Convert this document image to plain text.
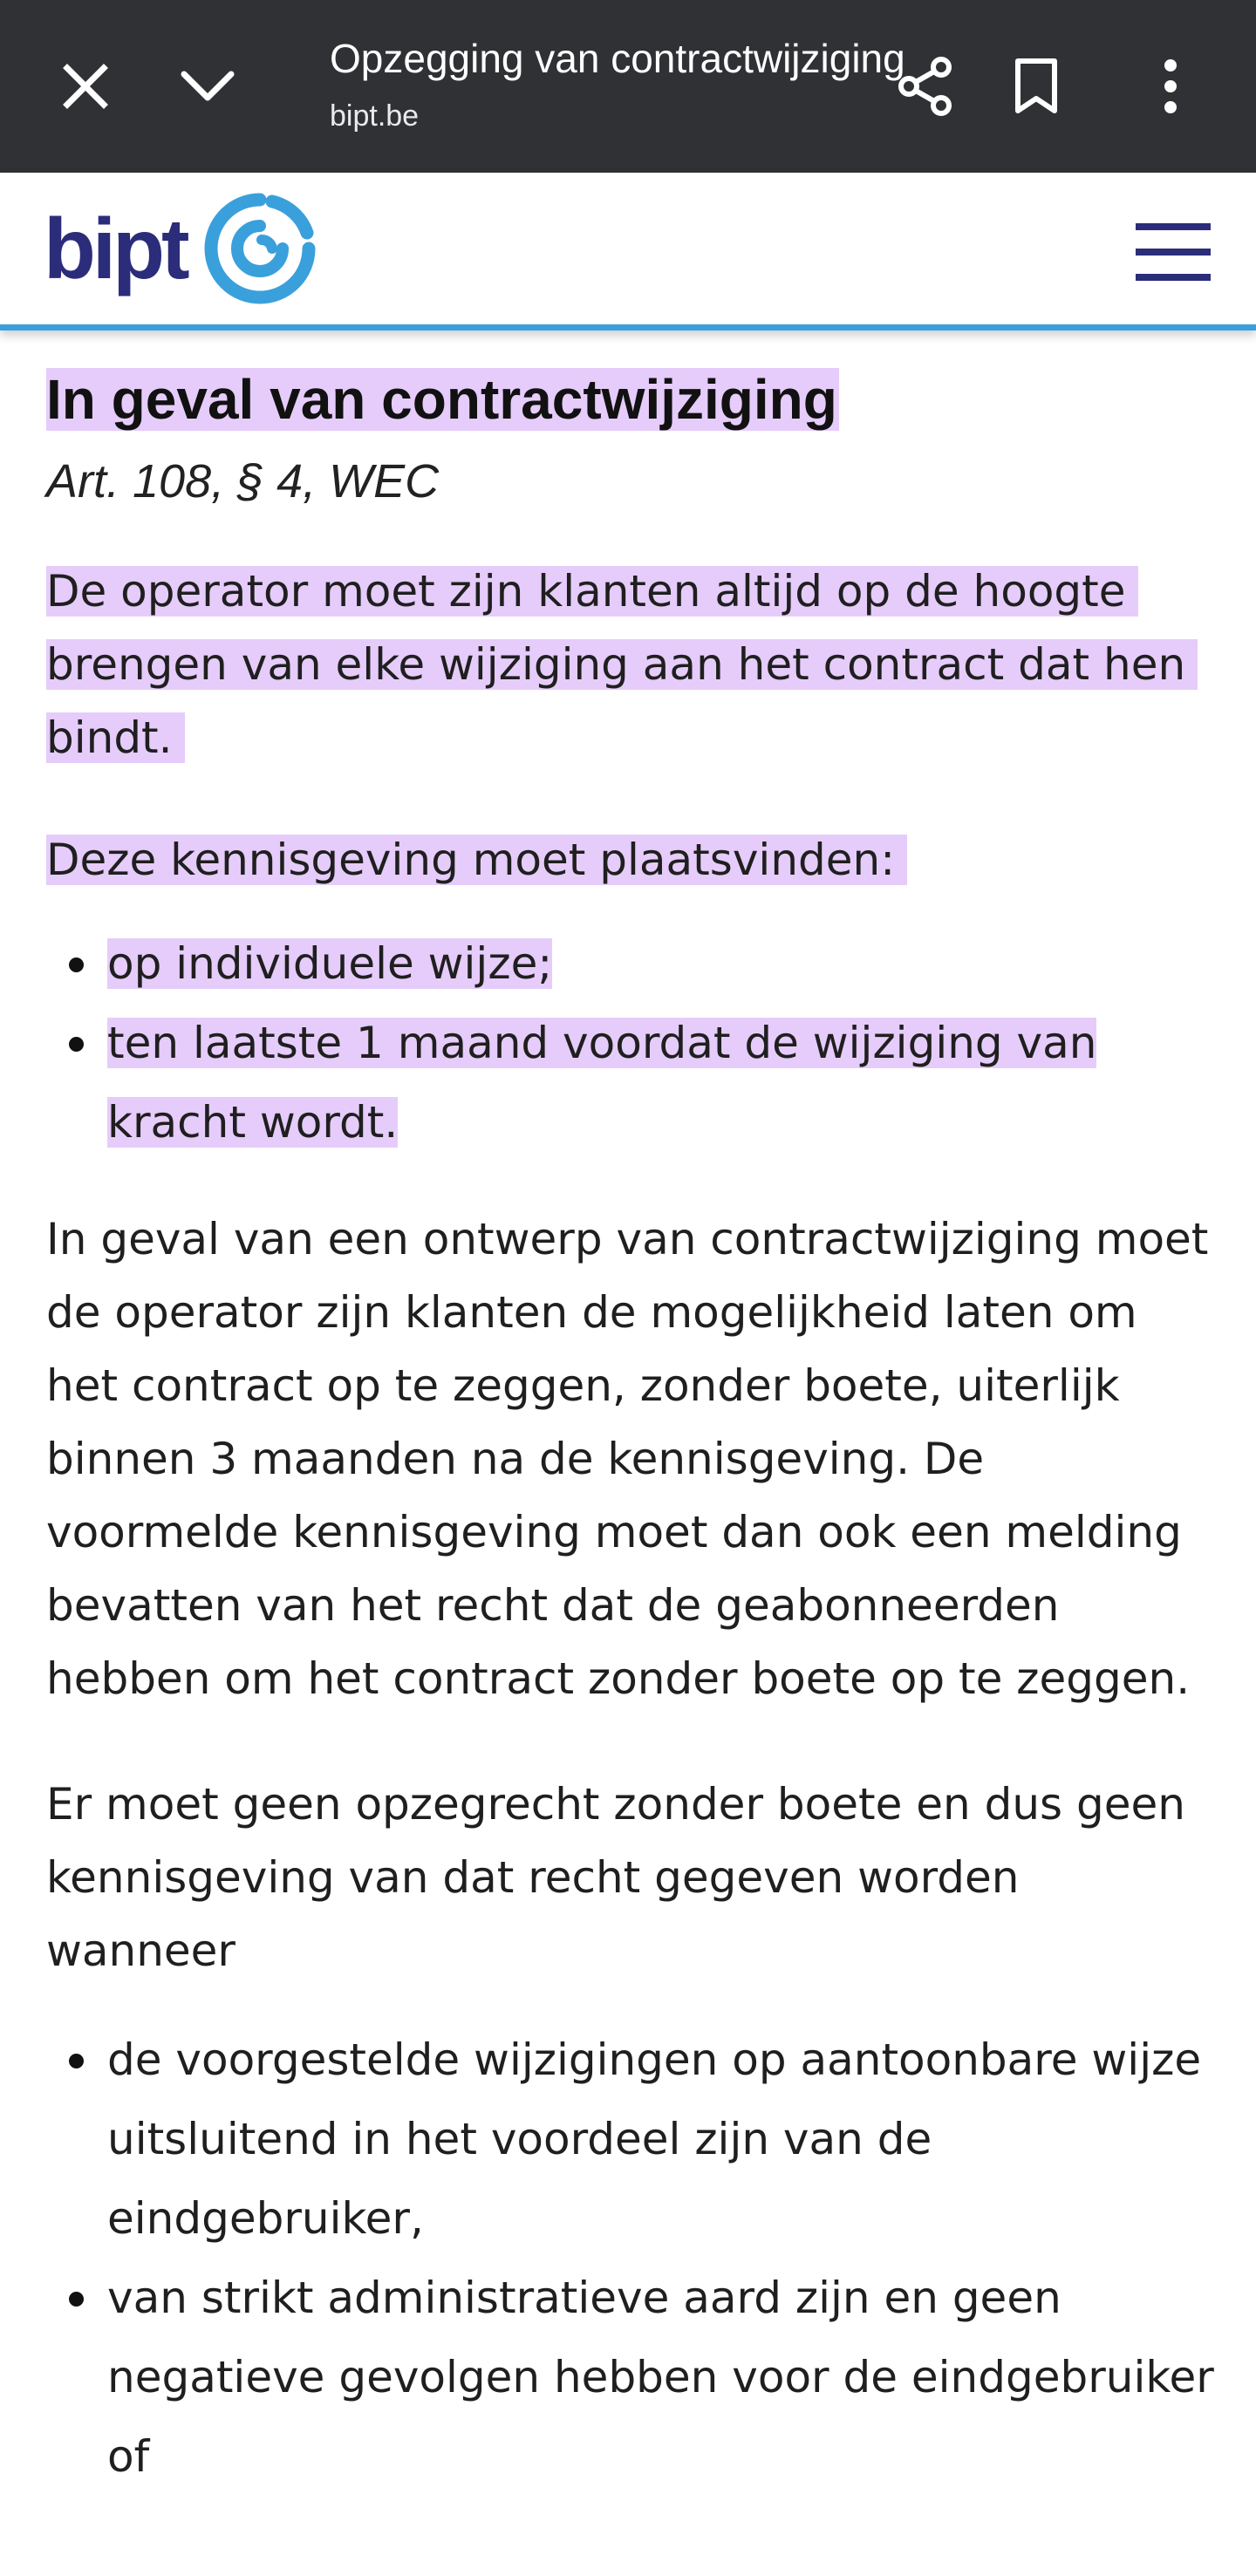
Opzegging van contractwijziging
bipt.be
bipt
In geval van contractwijziging
Art. 108, § 4, WEC

De operator moet zijn klanten altijd op de hoogte brengen van elke wijziging aan het contract dat hen bindt.

Deze kennisgeving moet plaatsvinden:

op individuele wijze;
ten laatste 1 maand voordat de wijziging van kracht wordt.

In geval van een ontwerp van contractwijziging moet de operator zijn klanten de mogelijkheid laten om het contract op te zeggen, zonder boete, uiterlijk binnen 3 maanden na de kennisgeving. De voormelde kennisgeving moet dan ook een melding bevatten van het recht dat de geabonneerden hebben om het contract zonder boete op te zeggen.

Er moet geen opzegrecht zonder boete en dus geen kennisgeving van dat recht gegeven worden wanneer

de voorgestelde wijzigingen op aantoonbare wijze uitsluitend in het voordeel zijn van de eindgebruiker,
van strikt administratieve aard zijn en geen negatieve gevolgen hebben voor de eindgebruiker of
